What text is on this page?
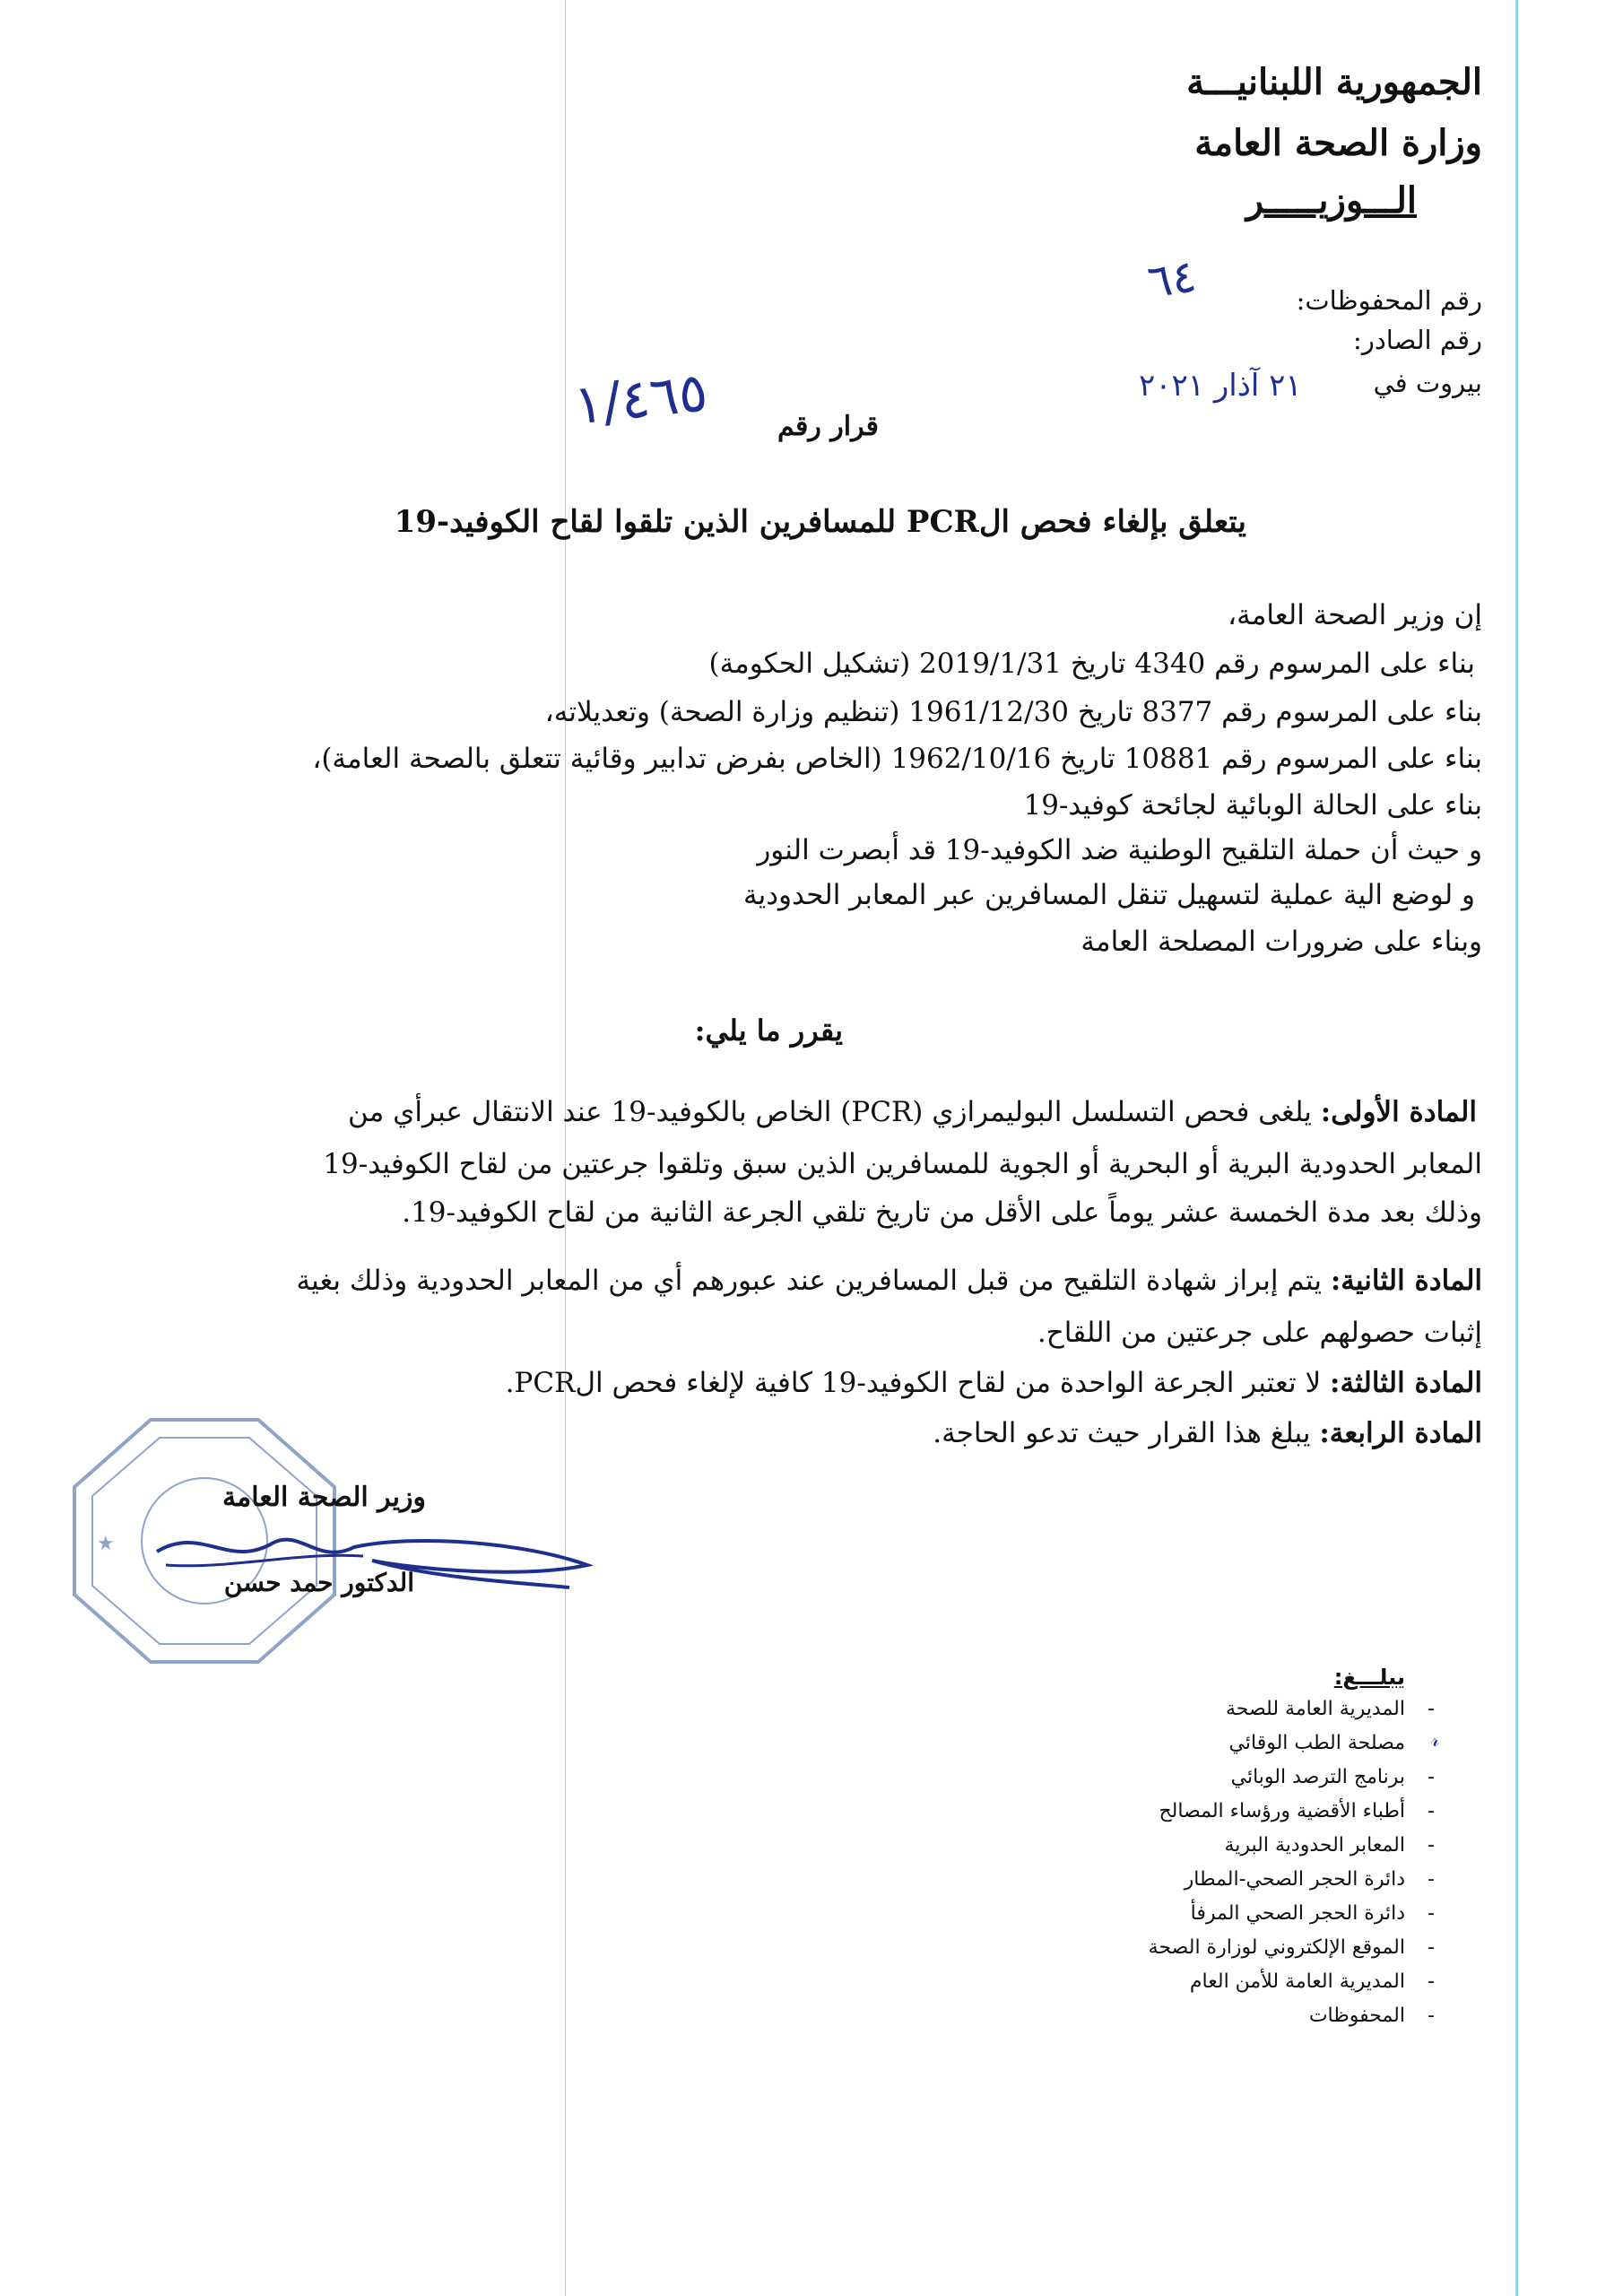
الجمهورية اللبنانيـــة
وزارة الصحة العامة
الـــوزيـــــر
رقم المحفوظات:
٦٤
رقم الصادر:
بيروت في
٢١ آذار ٢٠٢١
قرار رقم
١/٤٦٥
يتعلق بإلغاء فحص الPCR للمسافرين الذين تلقوا لقاح الكوفيد-19
إن وزير الصحة العامة،
بناء على المرسوم رقم 4340 تاريخ 2019/1/31 (تشكيل الحكومة)
بناء على المرسوم رقم 8377 تاريخ 1961/12/30 (تنظيم وزارة الصحة) وتعديلاته،
بناء على المرسوم رقم 10881 تاريخ 1962/10/16 (الخاص بفرض تدابير وقائية تتعلق بالصحة العامة)،
بناء على الحالة الوبائية لجائحة كوفيد-19
و حيث أن حملة التلقيح الوطنية ضد الكوفيد-19 قد أبصرت النور
و لوضع الية عملية لتسهيل تنقل المسافرين عبر المعابر الحدودية
وبناء على ضرورات المصلحة العامة
يقرر ما يلي:
المادة الأولى: يلغى فحص التسلسل البوليمرازي (PCR) الخاص بالكوفيد-19 عند الانتقال عبرأي من
المعابر الحدودية البرية أو البحرية أو الجوية للمسافرين الذين سبق وتلقوا جرعتين من لقاح الكوفيد-19
وذلك بعد مدة الخمسة عشر يوماً على الأقل من تاريخ تلقي الجرعة الثانية من لقاح الكوفيد-19.
المادة الثانية: يتم إبراز شهادة التلقيح من قبل المسافرين عند عبورهم أي من المعابر الحدودية وذلك بغية
إثبات حصولهم على جرعتين من اللقاح.
المادة الثالثة: لا تعتبر الجرعة الواحدة من لقاح الكوفيد-19 كافية لإلغاء فحص الPCR.
المادة الرابعة: يبلغ هذا القرار حيث تدعو الحاجة.
★
وزير الصحة العامة
الدكتور حمد حسن
يبلـــغ:
المديرية العامة للصحة -
مصلحة الطب الوقائي 𝓇
برنامج الترصد الوبائي -
أطباء الأقضية ورؤساء المصالح -
المعابر الحدودية البرية -
دائرة الحجر الصحي-المطار -
دائرة الحجر الصحي المرفأ -
الموقع الإلكتروني لوزارة الصحة -
المديرية العامة للأمن العام -
المحفوظات -
